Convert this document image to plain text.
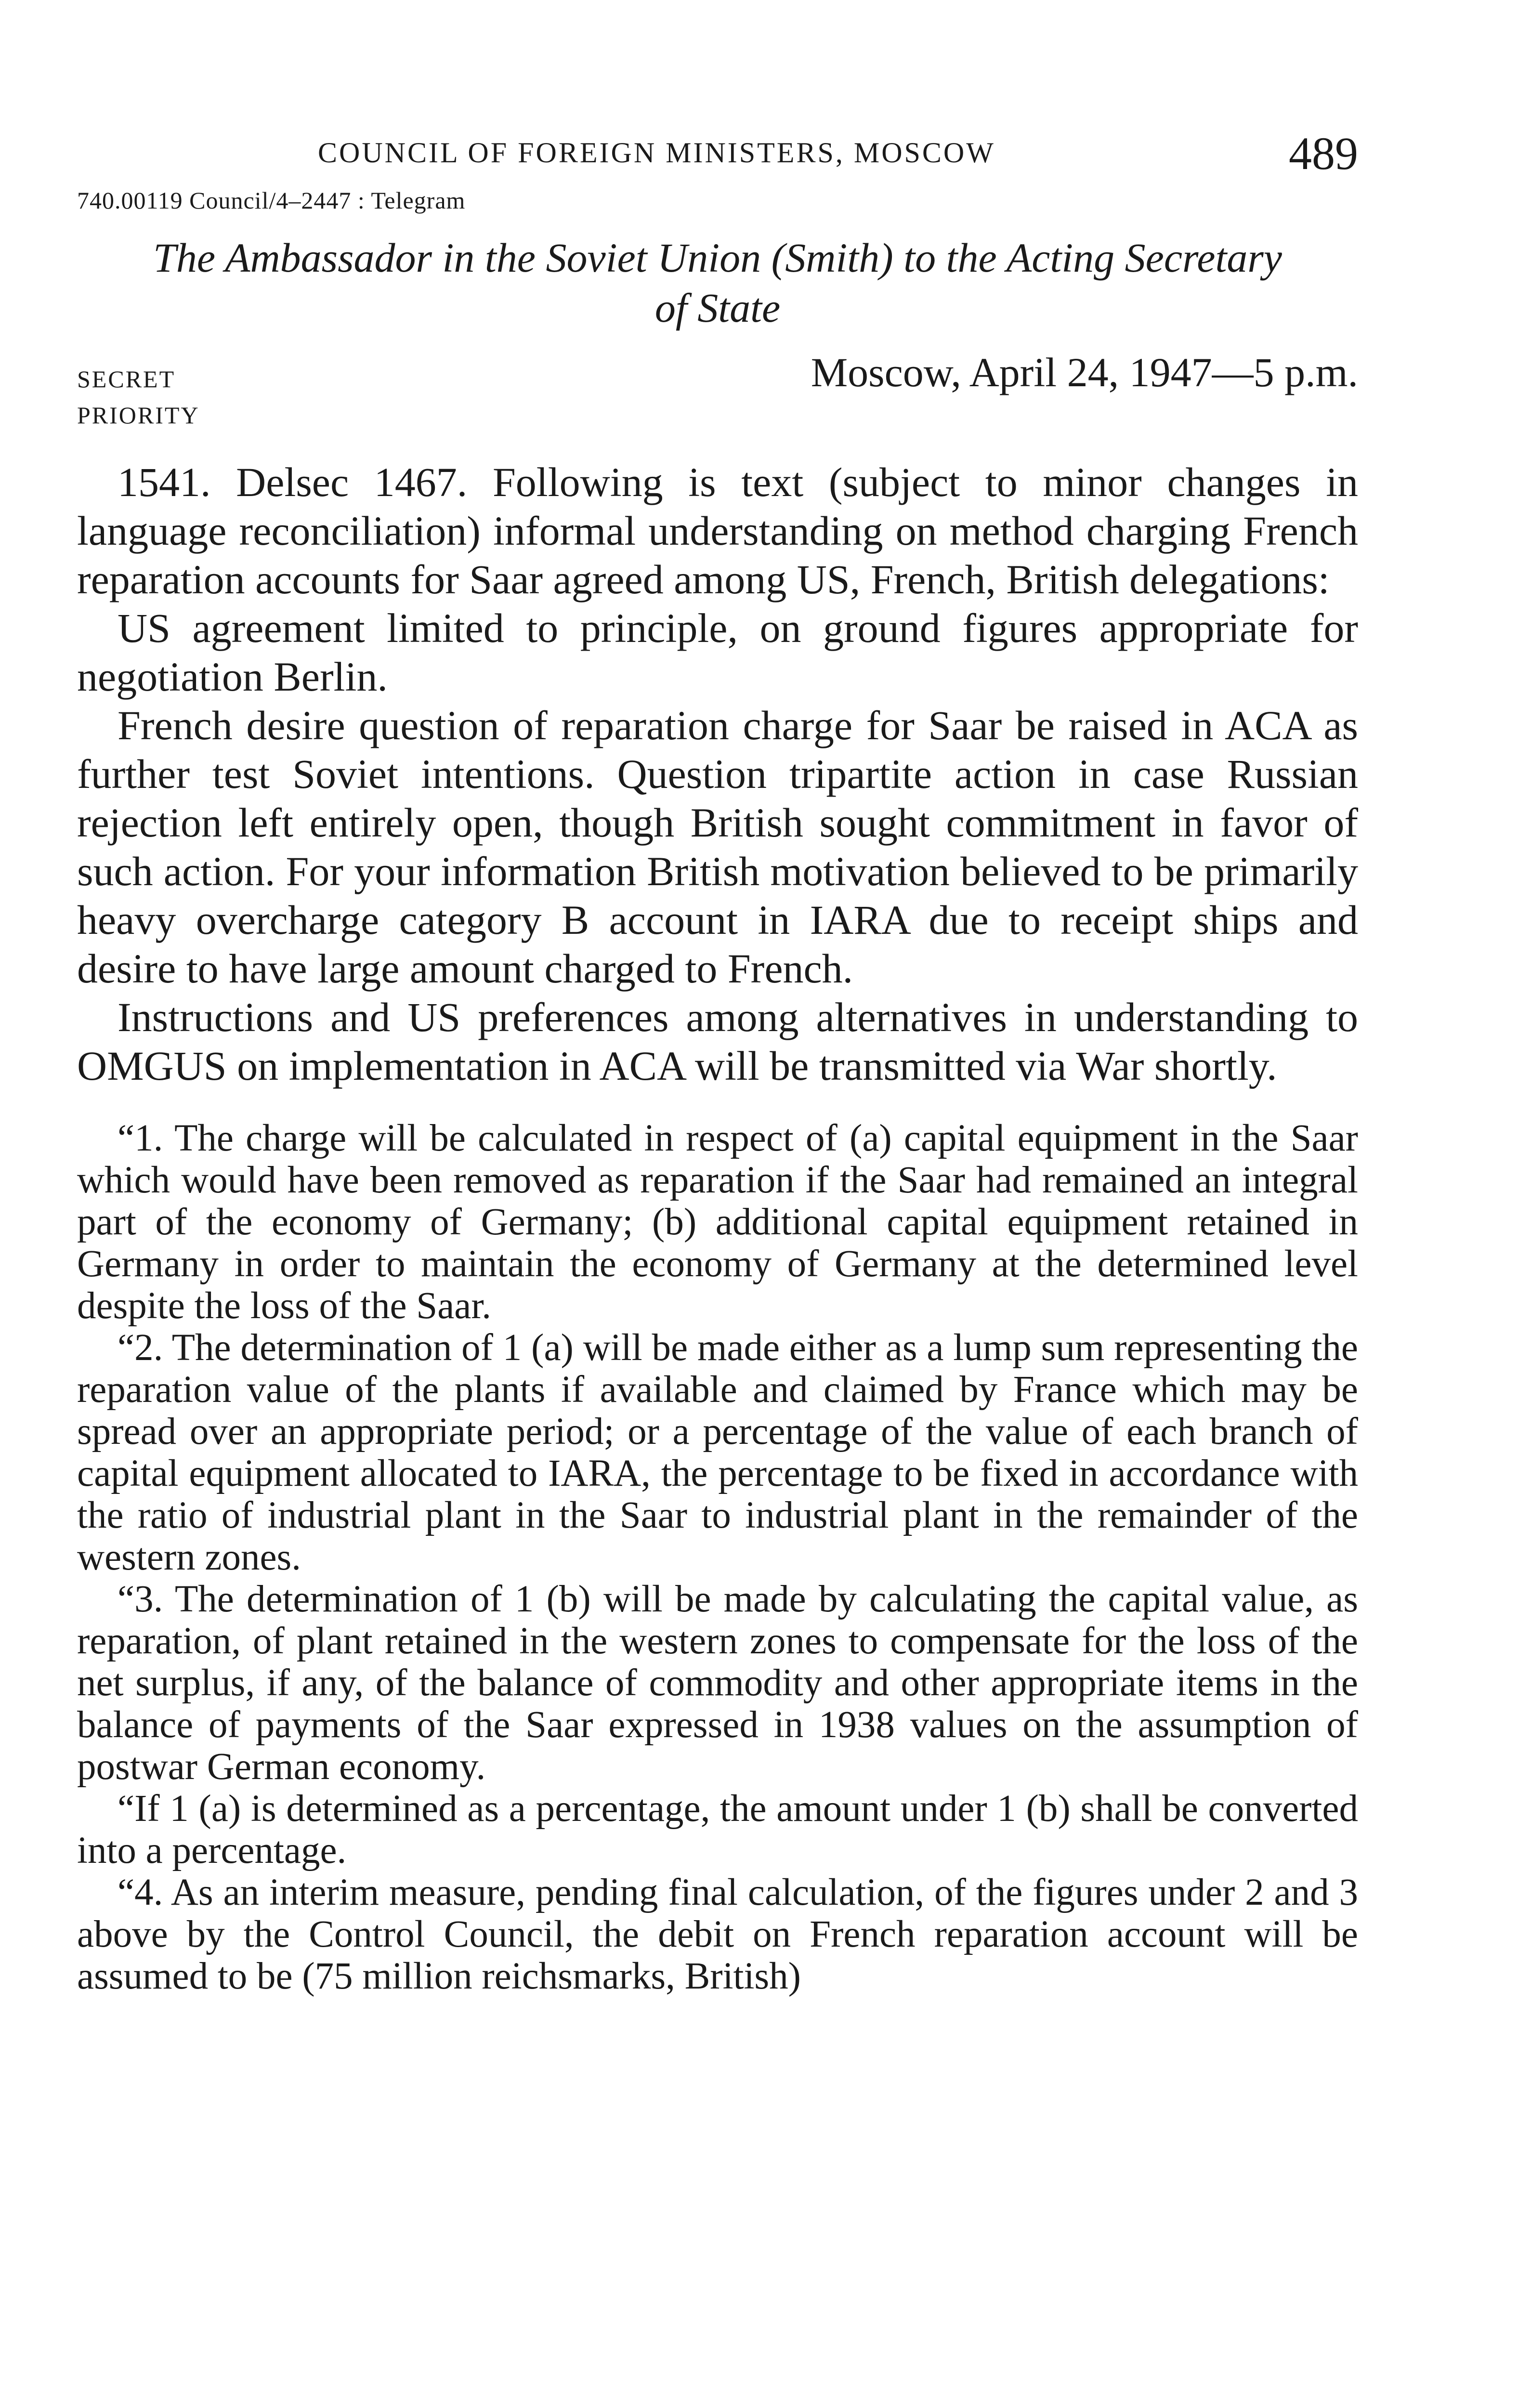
COUNCIL OF FOREIGN MINISTERS, MOSCOW	489
740.00119 Council/4–2447 : Telegram
The Ambassador in the Soviet Union (Smith) to the Acting Secretary of State
SECRET	Moscow, April 24, 1947—5 p.m.
PRIORITY

1541. Delsec 1467. Following is text (subject to minor changes in language reconciliation) informal understanding on method charging French reparation accounts for Saar agreed among US, French, British delegations:

US agreement limited to principle, on ground figures appropriate for negotiation Berlin.

French desire question of reparation charge for Saar be raised in ACA as further test Soviet intentions. Question tripartite action in case Russian rejection left entirely open, though British sought commitment in favor of such action. For your information British motivation believed to be primarily heavy overcharge category B account in IARA due to receipt ships and desire to have large amount charged to French.

Instructions and US preferences among alternatives in understanding to OMGUS on implementation in ACA will be transmitted via War shortly.

“1. The charge will be calculated in respect of (a) capital equipment in the Saar which would have been removed as reparation if the Saar had remained an integral part of the economy of Germany; (b) additional capital equipment retained in Germany in order to maintain the economy of Germany at the determined level despite the loss of the Saar.

“2. The determination of 1 (a) will be made either as a lump sum representing the reparation value of the plants if available and claimed by France which may be spread over an appropriate period; or a percentage of the value of each branch of capital equipment allocated to IARA, the percentage to be fixed in accordance with the ratio of industrial plant in the Saar to industrial plant in the remainder of the western zones.

“3. The determination of 1 (b) will be made by calculating the capital value, as reparation, of plant retained in the western zones to compensate for the loss of the net surplus, if any, of the balance of commodity and other appropriate items in the balance of payments of the Saar expressed in 1938 values on the assumption of postwar German economy.

“If 1 (a) is determined as a percentage, the amount under 1 (b) shall be converted into a percentage.

“4. As an interim measure, pending final calculation, of the figures under 2 and 3 above by the Control Council, the debit on French reparation account will be assumed to be (75 million reichsmarks, British)
